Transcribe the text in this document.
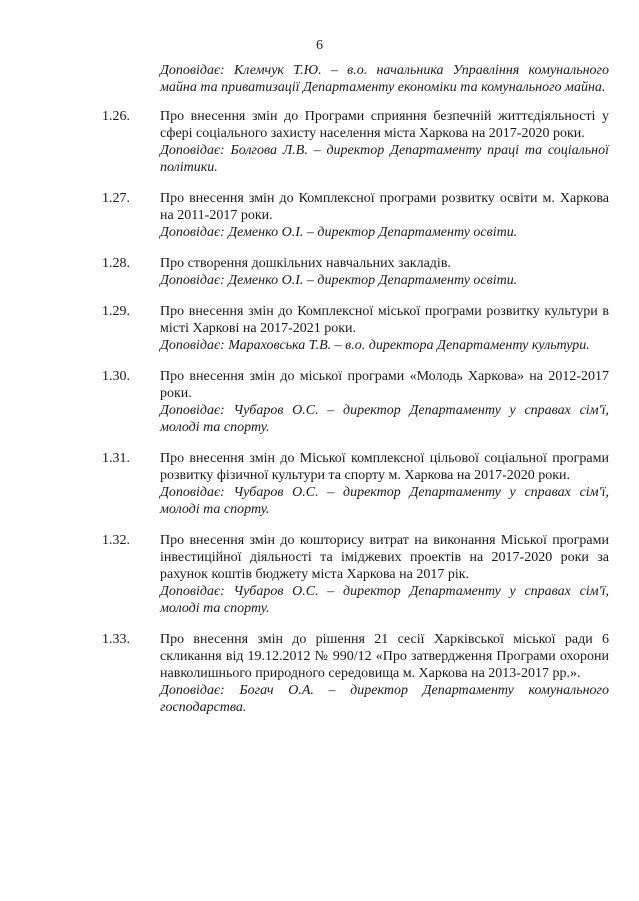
6
Доповідає: Клемчук Т.Ю. – в.о. начальника Управління комунального майна та приватизації Департаменту економіки та комунального майна.
1.26.	Про внесення змін до Програми сприяння безпечній життєдіяльності у сфері соціального захисту населення міста Харкова на 2017-2020 роки.
Доповідає: Болгова Л.В. – директор Департаменту праці та соціальної політики.
1.27.	Про внесення змін до Комплексної програми розвитку освіти м. Харкова на 2011-2017 роки.
Доповідає: Деменко О.І. – директор Департаменту освіти.
1.28.	Про створення дошкільних навчальних закладів.
Доповідає: Деменко О.І. – директор Департаменту освіти.
1.29.	Про внесення змін до Комплексної міської програми розвитку культури в місті Харкові на 2017-2021 роки.
Доповідає: Мараховська Т.В. – в.о. директора Департаменту культури.
1.30.	Про внесення змін до міської програми «Молодь Харкова» на 2012-2017 роки.
Доповідає: Чубаров О.С. – директор Департаменту у справах сім'ї, молоді та спорту.
1.31.	Про внесення змін до Міської комплексної цільової соціальної програми розвитку фізичної культури та спорту м. Харкова на 2017-2020 роки.
Доповідає: Чубаров О.С. – директор Департаменту у справах сім'ї, молоді та спорту.
1.32.	Про внесення змін до кошторису витрат на виконання Міської програми інвестиційної діяльності та іміджевих проектів на 2017-2020 роки за рахунок коштів бюджету міста Харкова на 2017 рік.
Доповідає: Чубаров О.С. – директор Департаменту у справах сім'ї, молоді та спорту.
1.33.	Про внесення змін до рішення 21 сесії Харківської міської ради 6 скликання від 19.12.2012 № 990/12 «Про затвердження Програми охорони навколишнього природного середовища м. Харкова на 2013-2017 рр.».
Доповідає: Богач О.А. – директор Департаменту комунального господарства.
